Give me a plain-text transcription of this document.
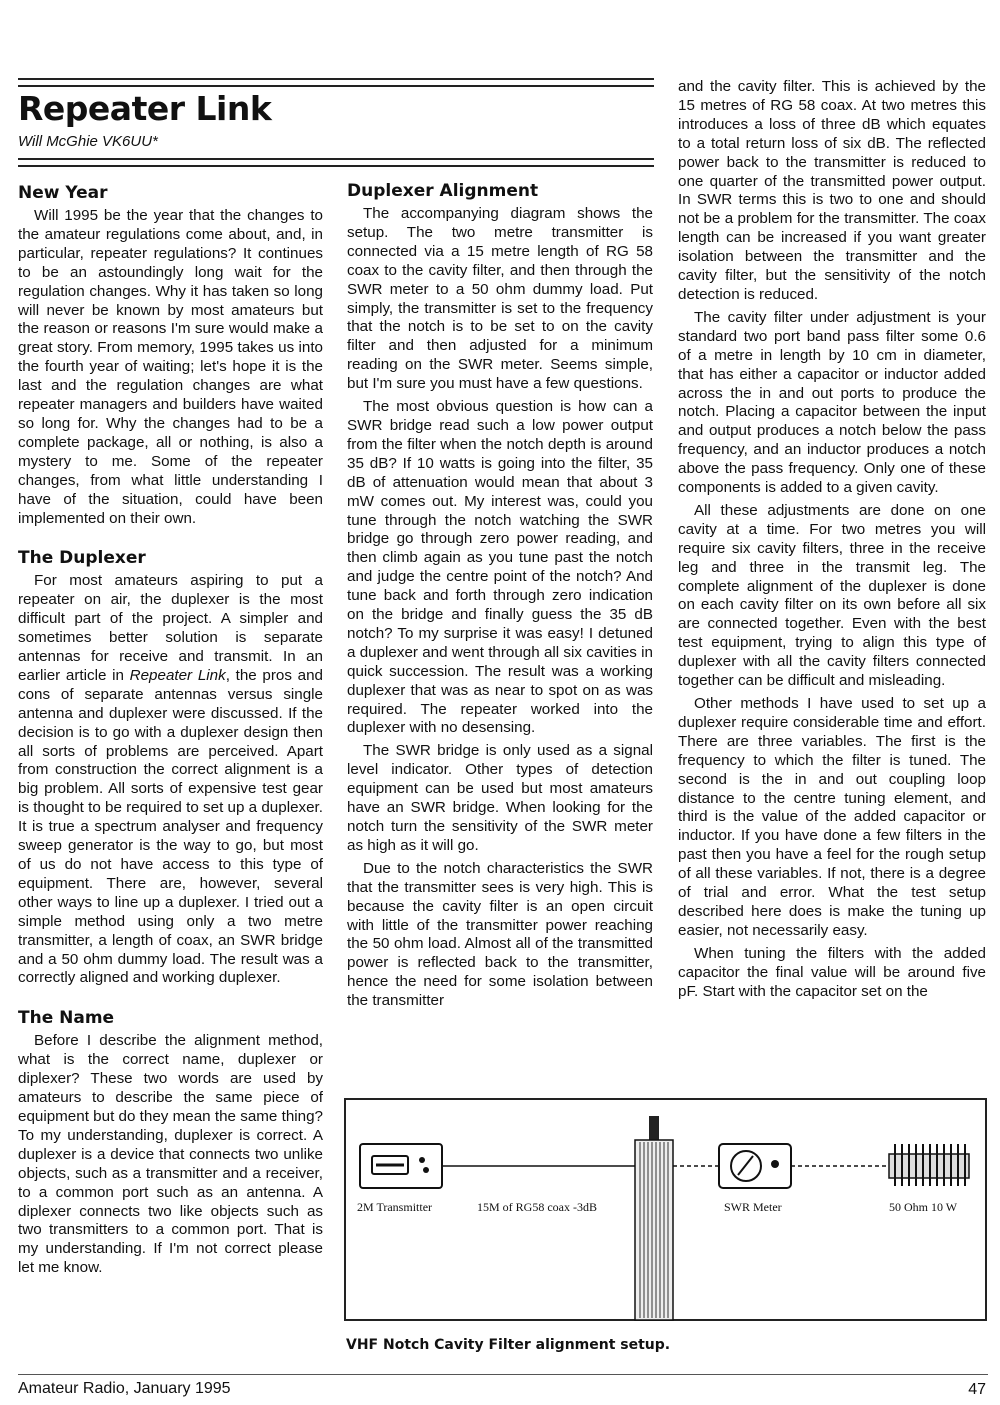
Repeater Link
Will McGhie VK6UU*
New Year

Will 1995 be the year that the changes to the amateur regulations come about, and, in particular, repeater regulations? It continues to be an astoundingly long wait for the regulation changes. Why it has taken so long will never be known by most amateurs but the reason or reasons I'm sure would make a great story. From memory, 1995 takes us into the fourth year of waiting; let's hope it is the last and the regulation changes are what repeater managers and builders have waited so long for. Why the changes had to be a complete package, all or nothing, is also a mystery to me. Some of the repeater changes, from what little understanding I have of the situation, could have been implemented on their own.

The Duplexer

For most amateurs aspiring to put a repeater on air, the duplexer is the most difficult part of the project. A simpler and sometimes better solution is separate antennas for receive and transmit. In an earlier article in Repeater Link, the pros and cons of separate antennas versus single antenna and duplexer were discussed. If the decision is to go with a duplexer design then all sorts of problems are perceived. Apart from construction the correct alignment is a big problem. All sorts of expensive test gear is thought to be required to set up a duplexer. It is true a spectrum analyser and frequency sweep generator is the way to go, but most of us do not have access to this type of equipment. There are, however, several other ways to line up a duplexer. I tried out a simple method using only a two metre transmitter, a length of coax, an SWR bridge and a 50 ohm dummy load. The result was a correctly aligned and working duplexer.

The Name

Before I describe the alignment method, what is the correct name, duplexer or diplexer? These two words are used by amateurs to describe the same piece of equipment but do they mean the same thing? To my understanding, duplexer is correct. A duplexer is a device that connects two unlike objects, such as a transmitter and a receiver, to a common port such as an antenna. A diplexer connects two like objects such as two transmitters to a common port. That is my understanding. If I'm not correct please let me know.

Duplexer Alignment

The accompanying diagram shows the setup. The two metre transmitter is connected via a 15 metre length of RG 58 coax to the cavity filter, and then through the SWR meter to a 50 ohm dummy load. Put simply, the transmitter is set to the frequency that the notch is to be set to on the cavity filter and then adjusted for a minimum reading on the SWR meter. Seems simple, but I'm sure you must have a few questions.

The most obvious question is how can a SWR bridge read such a low power output from the filter when the notch depth is around 35 dB? If 10 watts is going into the filter, 35 dB of attenuation would mean that about 3 mW comes out. My interest was, could you tune through the notch watching the SWR bridge go through zero power reading, and then climb again as you tune past the notch and judge the centre point of the notch? And tune back and forth through zero indication on the bridge and finally guess the 35 dB notch? To my surprise it was easy! I detuned a duplexer and went through all six cavities in quick succession. The result was a working duplexer that was as near to spot on as was required. The repeater worked into the duplexer with no desensing.

The SWR bridge is only used as a signal level indicator. Other types of detection equipment can be used but most amateurs have an SWR bridge. When looking for the notch turn the sensitivity of the SWR meter as high as it will go.

Due to the notch characteristics the SWR that the transmitter sees is very high. This is because the cavity filter is an open circuit with little of the transmitter power reaching the 50 ohm load. Almost all of the transmitted power is reflected back to the transmitter, hence the need for some isolation between the transmitter

and the cavity filter. This is achieved by the 15 metres of RG 58 coax. At two metres this introduces a loss of three dB which equates to a total return loss of six dB. The reflected power back to the transmitter is reduced to one quarter of the transmitted power output. In SWR terms this is two to one and should not be a problem for the transmitter. The coax length can be increased if you want greater isolation between the transmitter and the cavity filter, but the sensitivity of the notch detection is reduced.

The cavity filter under adjustment is your standard two port band pass filter some 0.6 of a metre in length by 10 cm in diameter, that has either a capacitor or inductor added across the in and out ports to produce the notch. Placing a capacitor between the input and output produces a notch below the pass frequency, and an inductor produces a notch above the pass frequency. Only one of these components is added to a given cavity.

All these adjustments are done on one cavity at a time. For two metres you will require six cavity filters, three in the receive leg and three in the transmit leg. The complete alignment of the duplexer is done on each cavity filter on its own before all six are connected together. Even with the best test equipment, trying to align this type of duplexer with all the cavity filters connected together can be difficult and misleading.

Other methods I have used to set up a duplexer require considerable time and effort. There are three variables. The first is the frequency to which the filter is tuned. The second is the in and out coupling loop distance to the centre tuning element, and third is the value of the added capacitor or inductor. If you have done a few filters in the past then you have a feel for the rough setup of all these variables. If not, there is a degree of trial and error. What the test setup described here does is make the tuning up easier, not necessarily easy.

When tuning the filters with the added capacitor the final value will be around five pF. Start with the capacitor set on the

2M Transmitter	15M of RG58 coax -3dB	SWR Meter	50 Ohm 10 W
VHF Notch Cavity Filter alignment setup.
Amateur Radio, January 1995	47
